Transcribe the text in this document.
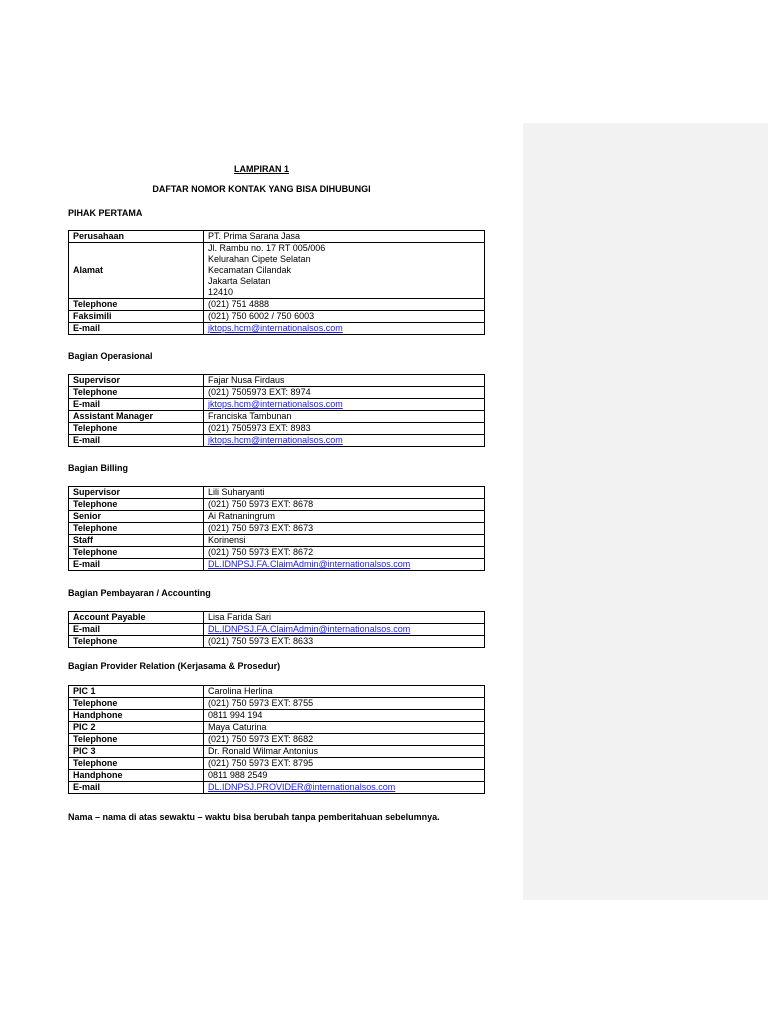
LAMPIRAN 1
DAFTAR NOMOR KONTAK YANG BISA DIHUBUNGI
PIHAK PERTAMA
Perusahaan	PT. Prima Sarana Jasa
Alamat	Jl. Rambu no. 17 RT 005/006
Kelurahan Cipete Selatan
Kecamatan Cilandak
Jakarta Selatan
12410

Telephone	(021) 751 4888
Faksimili	(021) 750 6002 / 750 6003
E-mail	jktops.hcm@internationalsos.com
Bagian Operasional
Supervisor	Fajar Nusa Firdaus
Telephone	(021) 7505973 EXT: 8974
E-mail	jktops.hcm@internationalsos.com
Assistant Manager	Franciska Tambunan
Telephone	(021) 7505973 EXT: 8983
E-mail	jktops.hcm@internationalsos.com
Bagian Billing
Supervisor	Lili Suharyanti
Telephone	(021) 750 5973 EXT: 8678
Senior	Ai Ratnaningrum
Telephone	(021) 750 5973 EXT: 8673
Staff	Korinensi
Telephone	(021) 750 5973 EXT: 8672
E-mail	DL.IDNPSJ.FA.ClaimAdmin@internationalsos.com
Bagian Pembayaran / Accounting
Account Payable	Lisa Farida Sari
E-mail	DL.IDNPSJ.FA.ClaimAdmin@internationalsos.com
Telephone	(021) 750 5973 EXT: 8633
Bagian Provider Relation (Kerjasama & Prosedur)
PIC 1	Carolina Herlina
Telephone	(021) 750 5973 EXT: 8755
Handphone	0811 994 194
PIC 2	Maya Caturina
Telephone	(021) 750 5973 EXT: 8682
PIC 3	Dr. Ronald Wilmar Antonius
Telephone	(021) 750 5973 EXT: 8795
Handphone	0811 988 2549
E-mail	DL.IDNPSJ.PROVIDER@internationalsos.com
Nama – nama di atas sewaktu – waktu bisa berubah tanpa pemberitahuan sebelumnya.
